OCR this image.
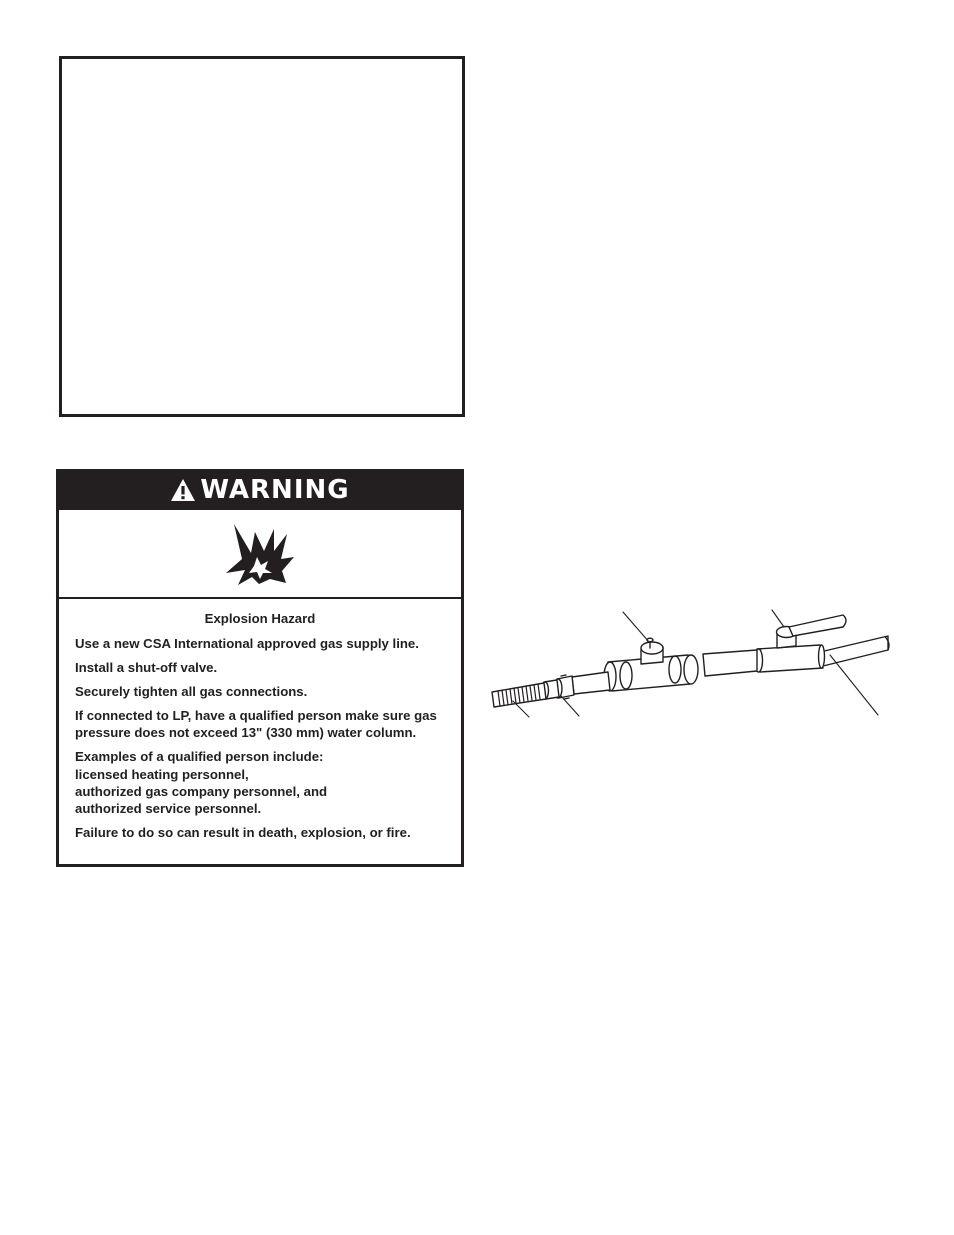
WARNING
Explosion Hazard

Use a new CSA International approved gas supply line.

Install a shut-off valve.

Securely tighten all gas connections.

If connected to LP, have a qualified person make sure gas pressure does not exceed 13" (330 mm) water column.

Examples of a qualified person include:

licensed heating personnel,
authorized gas company personnel, and

authorized service personnel.

Failure to do so can result in death, explosion, or fire.
